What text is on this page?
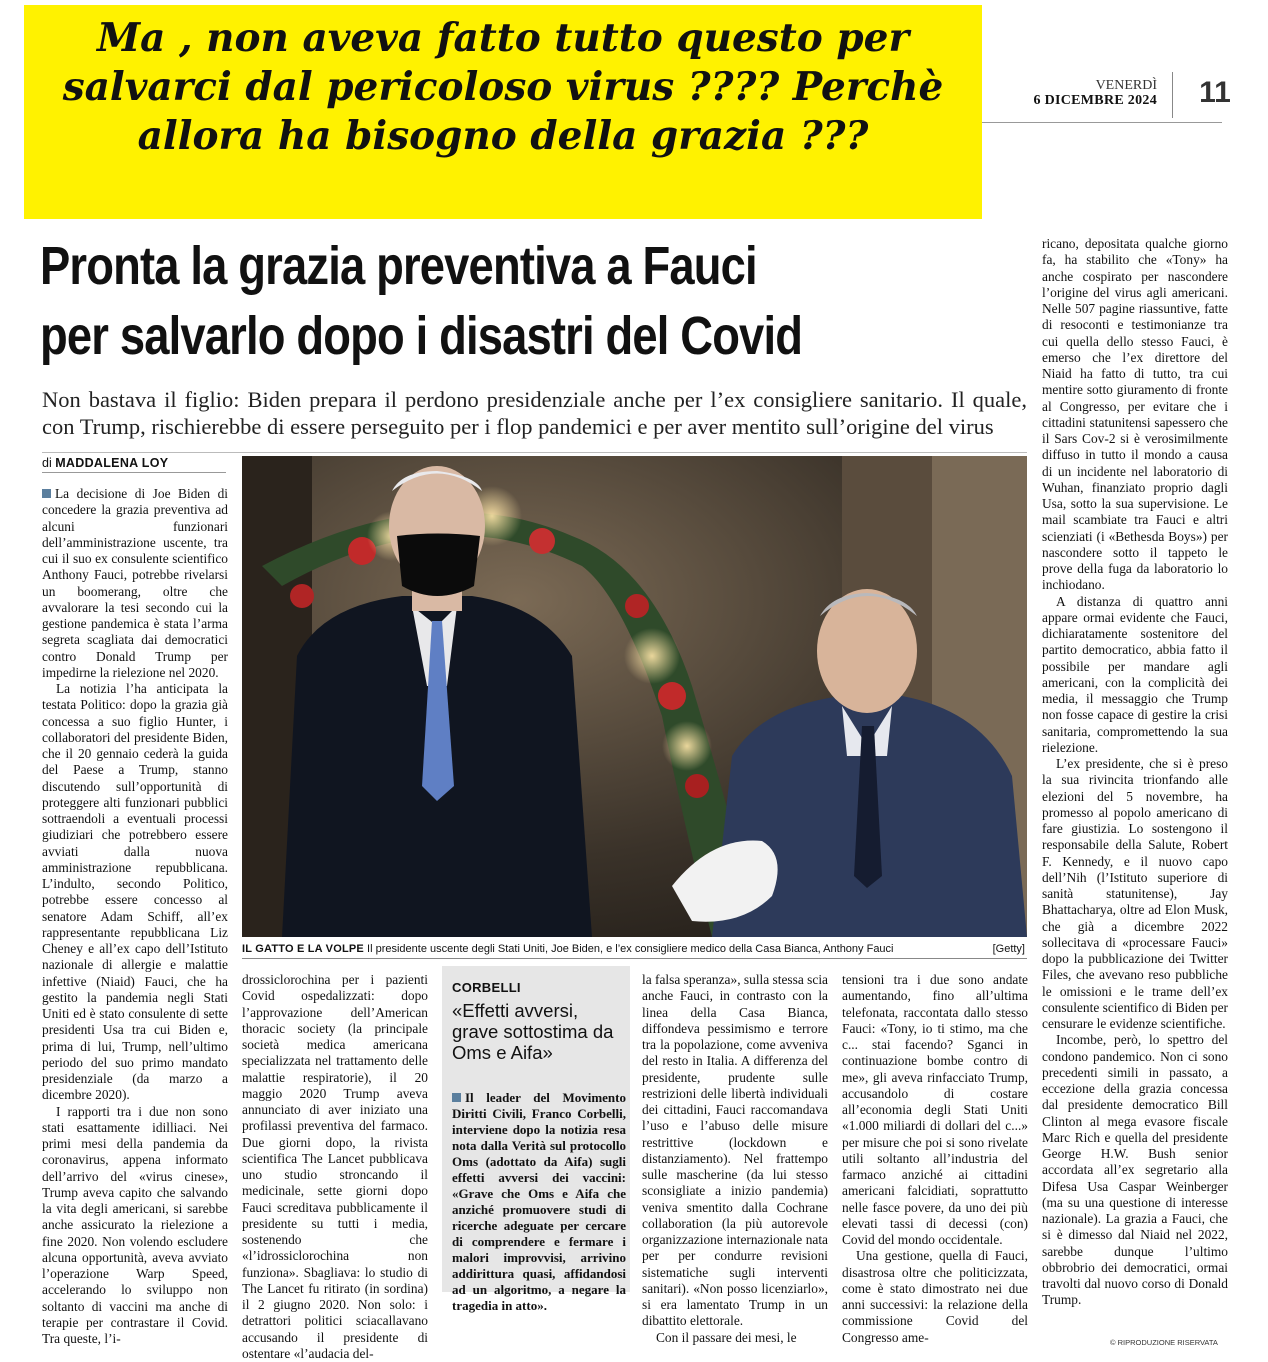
Ma , non aveva fatto tutto questo per salvarci dal pericoloso virus ???? Perchè allora ha bisogno della grazia ???
VENERDÌ
6 DICEMBRE 2024	11
Pronta la grazia preventiva a Fauci
per salvarlo dopo i disastri del Covid
Non bastava il figlio: Biden prepara il perdono presidenziale anche per l’ex consigliere sanitario. Il quale, con Trump, rischierebbe di essere perseguito per i flop pandemici e per aver mentito sull’origine del virus
di MADDALENA LOY

La decisione di Joe Biden di concedere la grazia preventiva ad alcuni funzionari dell’amministrazione uscente, tra cui il suo ex consulente scientifico Anthony Fauci, potrebbe rivelarsi un boomerang, oltre che avvalorare la tesi secondo cui la gestione pandemica è stata l’arma segreta scagliata dai democratici contro Donald Trump per impedirne la rielezione nel 2020.

La notizia l’ha anticipata la testata Politico: dopo la grazia già concessa a suo figlio Hunter, i collaboratori del presidente Biden, che il 20 gennaio cederà la guida del Paese a Trump, stanno discutendo sull’opportunità di proteggere alti funzionari pubblici sottraendoli a eventuali processi giudiziari che potrebbero essere avviati dalla nuova amministrazione repubblicana. L’indulto, secondo Politico, potrebbe essere concesso al senatore Adam Schiff, all’ex rappresentante repubblicana Liz Cheney e all’ex capo dell’Istituto nazionale di allergie e malattie infettive (Niaid) Fauci, che ha gestito la pandemia negli Stati Uniti ed è stato consulente di sette presidenti Usa tra cui Biden e, prima di lui, Trump, nell’ultimo periodo del suo primo mandato presidenziale (da marzo a dicembre 2020).

I rapporti tra i due non sono stati esattamente idilliaci. Nei primi mesi della pandemia da coronavirus, appena informato dell’arrivo del «virus cinese», Trump aveva capito che salvando la vita degli americani, si sarebbe anche assicurato la rielezione a fine 2020. Non volendo escludere alcuna opportunità, aveva avviato l’operazione Warp Speed, accelerando lo sviluppo non soltanto di vaccini ma anche di terapie per contrastare il Covid. Tra queste, l’i-

IL GATTO E LA VOLPE Il presidente uscente degli Stati Uniti, Joe Biden, e l’ex consigliere medico della Casa Bianca, Anthony Fauci	[Getty]

drossiclorochina per i pazienti Covid ospedalizzati: dopo l’approvazione dell’American thoracic society (la principale società medica americana specializzata nel trattamento delle malattie respiratorie), il 20 maggio 2020 Trump aveva annunciato di aver iniziato una profilassi preventiva del farmaco. Due giorni dopo, la rivista scientifica The Lancet pubblicava uno studio stroncando il medicinale, sette giorni dopo Fauci screditava pubblicamente il presidente su tutti i media, sostenendo che «l’idrossiclorochina non funziona». Sbagliava: lo studio di The Lancet fu ritirato (in sordina) il 2 giugno 2020. Non solo: i detrattori politici sciacallavano accusando il presidente di ostentare «l’audacia del-

CORBELLI
«Effetti avversi, grave sottostima da Oms e Aifa»
Il leader del Movimento Diritti Civili, Franco Corbelli, interviene dopo la notizia resa nota dalla Verità sul protocollo Oms (adottato da Aifa) sugli effetti avversi dei vaccini: «Grave che Oms e Aifa che anziché promuovere studi di ricerche adeguate per cercare di comprendere e fermare i malori improvvisi, arrivino addirittura quasi, affidandosi ad un algoritmo, a negare la tragedia in atto».

la falsa speranza», sulla stessa scia anche Fauci, in contrasto con la linea della Casa Bianca, diffondeva pessimismo e terrore tra la popolazione, come avveniva del resto in Italia. A differenza del presidente, prudente sulle restrizioni delle libertà individuali dei cittadini, Fauci raccomandava l’uso e l’abuso delle misure restrittive (lockdown e distanziamento). Nel frattempo sulle mascherine (da lui stesso sconsigliate a inizio pandemia) veniva smentito dalla Cochrane collaboration (la più autorevole organizzazione internazionale nata per per condurre revisioni sistematiche sugli interventi sanitari). «Non posso licenziarlo», si era lamentato Trump in un dibattito elettorale.

Con il passare dei mesi, le

tensioni tra i due sono andate aumentando, fino all’ultima telefonata, raccontata dallo stesso Fauci: «Tony, io ti stimo, ma che c... stai facendo? Sganci in continuazione bombe contro di me», gli aveva rinfacciato Trump, accusandolo di costare all’economia degli Stati Uniti «1.000 miliardi di dollari del c...» per misure che poi si sono rivelate utili soltanto all’industria del farmaco anziché ai cittadini americani falcidiati, soprattutto nelle fasce povere, da uno dei più elevati tassi di decessi (con) Covid del mondo occidentale.

Una gestione, quella di Fauci, disastrosa oltre che politicizzata, come è stato dimostrato nei due anni successivi: la relazione della commissione Covid del Congresso ame-

ricano, depositata qualche giorno fa, ha stabilito che «Tony» ha anche cospirato per nascondere l’origine del virus agli americani. Nelle 507 pagine riassuntive, fatte di resoconti e testimonianze tra cui quella dello stesso Fauci, è emerso che l’ex direttore del Niaid ha fatto di tutto, tra cui mentire sotto giuramento di fronte al Congresso, per evitare che i cittadini statunitensi sapessero che il Sars Cov-2 si è verosimilmente diffuso in tutto il mondo a causa di un incidente nel laboratorio di Wuhan, finanziato proprio dagli Usa, sotto la sua supervisione. Le mail scambiate tra Fauci e altri scienziati (i «Bethesda Boys») per nascondere sotto il tappeto le prove della fuga da laboratorio lo inchiodano.

A distanza di quattro anni appare ormai evidente che Fauci, dichiaratamente sostenitore del partito democratico, abbia fatto il possibile per mandare agli americani, con la complicità dei media, il messaggio che Trump non fosse capace di gestire la crisi sanitaria, compromettendo la sua rielezione.

L’ex presidente, che si è preso la sua rivincita trionfando alle elezioni del 5 novembre, ha promesso al popolo americano di fare giustizia. Lo sostengono il responsabile della Salute, Robert F. Kennedy, e il nuovo capo dell’Nih (l’Istituto superiore di sanità statunitense), Jay Bhattacharya, oltre ad Elon Musk, che già a dicembre 2022 sollecitava di «processare Fauci» dopo la pubblicazione dei Twitter Files, che avevano reso pubbliche le omissioni e le trame dell’ex consulente scientifico di Biden per censurare le evidenze scientifiche.

Incombe, però, lo spettro del condono pandemico. Non ci sono precedenti simili in passato, a eccezione della grazia concessa dal presidente democratico Bill Clinton al mega evasore fiscale Marc Rich e quella del presidente George H.W. Bush senior accordata all’ex segretario alla Difesa Usa Caspar Weinberger (ma su una questione di interesse nazionale). La grazia a Fauci, che si è dimesso dal Niaid nel 2022, sarebbe dunque l’ultimo obbrobrio dei democratici, ormai travolti dal nuovo corso di Donald Trump.

© RIPRODUZIONE RISERVATA
